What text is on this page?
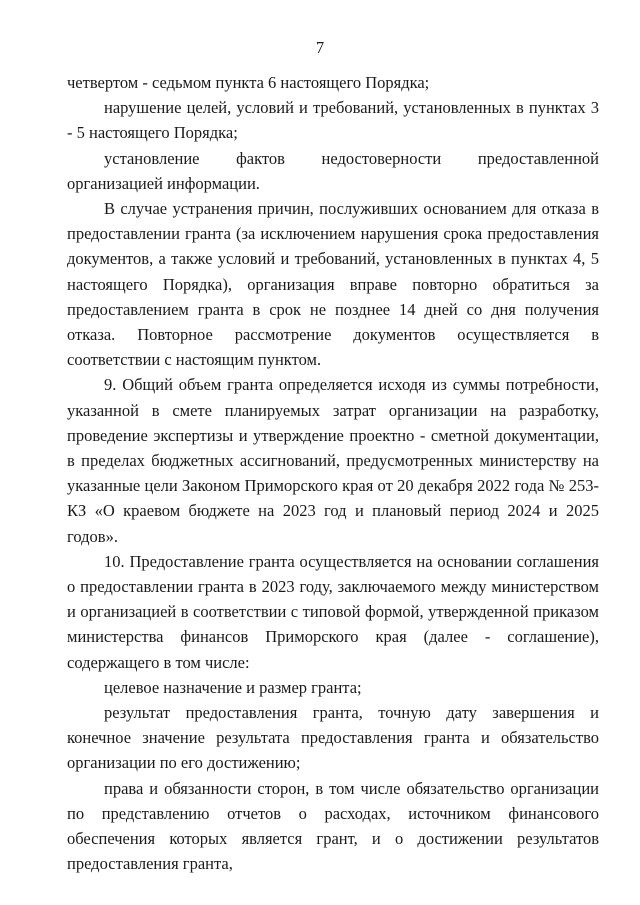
7

четвертом - седьмом пункта 6 настоящего Порядка;

нарушение целей, условий и требований, установленных в пунктах 3 - 5 настоящего Порядка;

установление фактов недостоверности предоставленной организацией информации.

В случае устранения причин, послуживших основанием для отказа в предоставлении гранта (за исключением нарушения срока предоставления документов, а также условий и требований, установленных в пунктах 4, 5 настоящего Порядка), организация вправе повторно обратиться за предоставлением гранта в срок не позднее 14 дней со дня получения отказа. Повторное рассмотрение документов осуществляется в соответствии с настоящим пунктом.

9. Общий объем гранта определяется исходя из суммы потребности, указанной в смете планируемых затрат организации на разработку, проведение экспертизы и утверждение проектно - сметной документации, в пределах бюджетных ассигнований, предусмотренных министерству на указанные цели Законом Приморского края от 20 декабря 2022 года № 253-КЗ «О краевом бюджете на 2023 год и плановый период 2024 и 2025 годов».

10. Предоставление гранта осуществляется на основании соглашения о предоставлении гранта в 2023 году, заключаемого между министерством и организацией в соответствии с типовой формой, утвержденной приказом министерства финансов Приморского края (далее - соглашение), содержащего в том числе:

целевое назначение и размер гранта;

результат предоставления гранта, точную дату завершения и конечное значение результата предоставления гранта и обязательство организации по его достижению;

права и обязанности сторон, в том числе обязательство организации по представлению отчетов о расходах, источником финансового обеспечения которых является грант, и о достижении результатов предоставления гранта,
